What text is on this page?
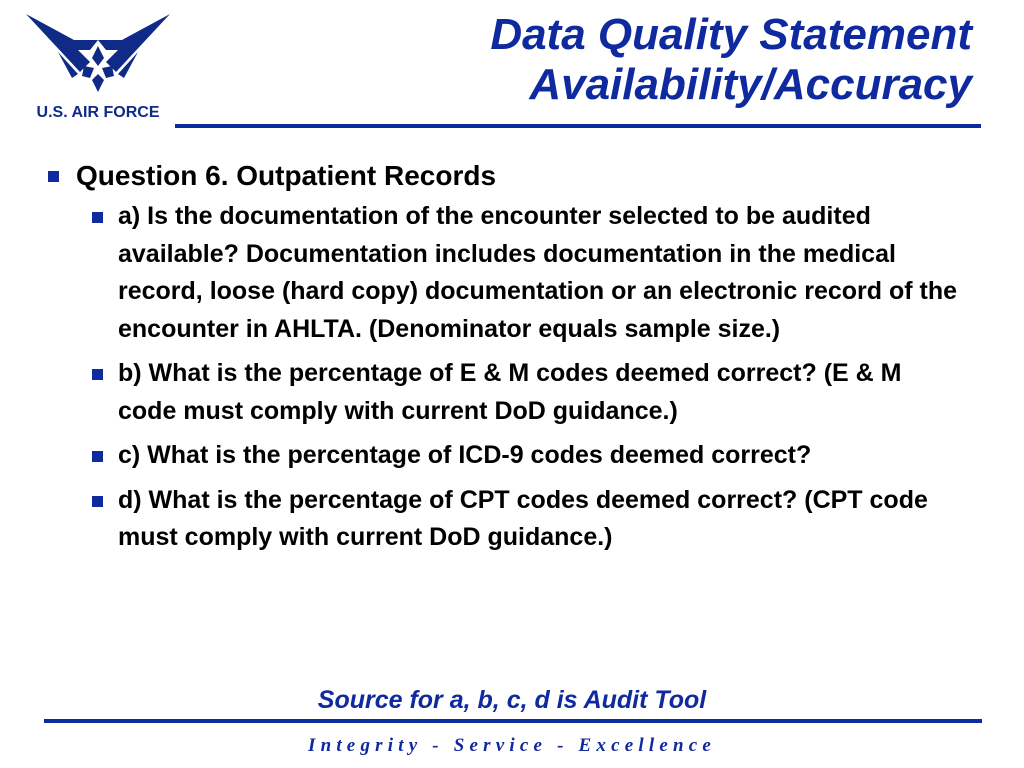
U.S. AIR FORCE
Data Quality Statement
Availability/Accuracy
Question 6. Outpatient Records
a) Is the documentation of the encounter selected to be audited available? Documentation includes documentation in the medical record, loose (hard copy) documentation or an electronic record of the encounter in AHLTA. (Denominator equals sample size.)
b) What is the percentage of E & M codes deemed correct? (E & M code must comply with current DoD guidance.)
c) What is the percentage of ICD-9 codes deemed correct?
d) What is the percentage of CPT codes deemed correct? (CPT code must comply with current DoD guidance.)
Source for a, b, c, d is Audit Tool
Integrity - Service - Excellence
